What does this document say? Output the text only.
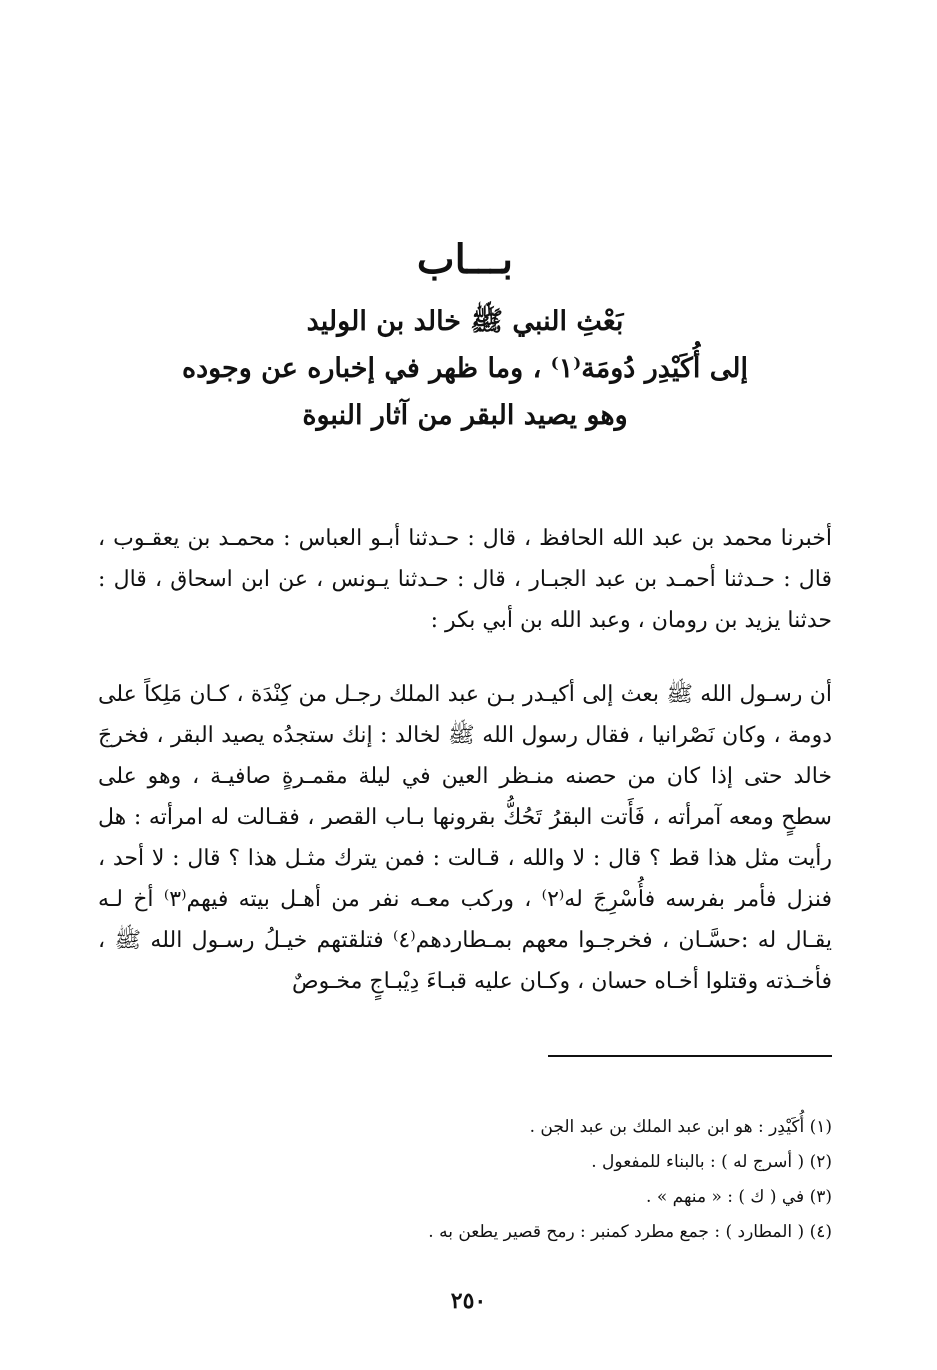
بـــاب
بَعْثِ النبي ﷺ خالد بن الوليد
إلى أُكَيْدِر دُومَة⁽١⁾ ، وما ظهر في إخباره عن وجوده
وهو يصيد البقر من آثار النبوة

أخبرنا محمد بن عبد الله الحافظ ، قال : حـدثنا أبـو العباس : محمـد بن يعقـوب ، قال : حـدثنا أحمـد بن عبد الجبـار ، قال : حـدثنا يـونس ، عن ابن اسحاق ، قال : حدثنا يزيد بن رومان ، وعبد الله بن أبي بكر :

أن رسـول الله ﷺ بعث إلى أكيـدر بـن عبد الملك رجـل من كِنْدَة ، كـان مَلِكاً على دومة ، وكان نَصْرانيا ، فقال رسول الله ﷺ لخالد : إنك ستجدُه يصيد البقر ، فخرجَ خالد حتى إذا كان من حصنه منـظر العين في ليلة مقمـرةٍ صافيـة ، وهو على سطحٍ ومعه آمرأته ، فَأَتت البقرُ تَحُكُّ بقرونها بـاب القصر ، فقـالت له امرأته : هل رأيت مثل هذا قط ؟ قال : لا والله ، قـالت : فمن يترك مثـل هذا ؟ قال : لا أحد ، فنزل فأمر بفرسه فأُسْرِجَ له⁽٢⁾ ، وركب معـه نفر من أهـل بيته فيهم⁽٣⁾ أخ لـه يقـال له :حسَّـان ، فخرجـوا معهم بمـطاردهم⁽٤⁾ فتلقتهم خيـلُ رسـول الله ﷺ ، فأخـذته وقتلوا أخـاه حسان ، وكـان عليه قبـاءَ دِيْبـاجٍ مخـوصٌ

(١) أُكَيْدِر : هو ابن عبد الملك بن عبد الجن .
(٢) ( أسرج له ) : بالبناء للمفعول .
(٣) في ( ك ) : « منهم » .
(٤) ( المطارد ) : جمع مطرد كمنبر : رمح قصير يطعن به .
٢٥٠
